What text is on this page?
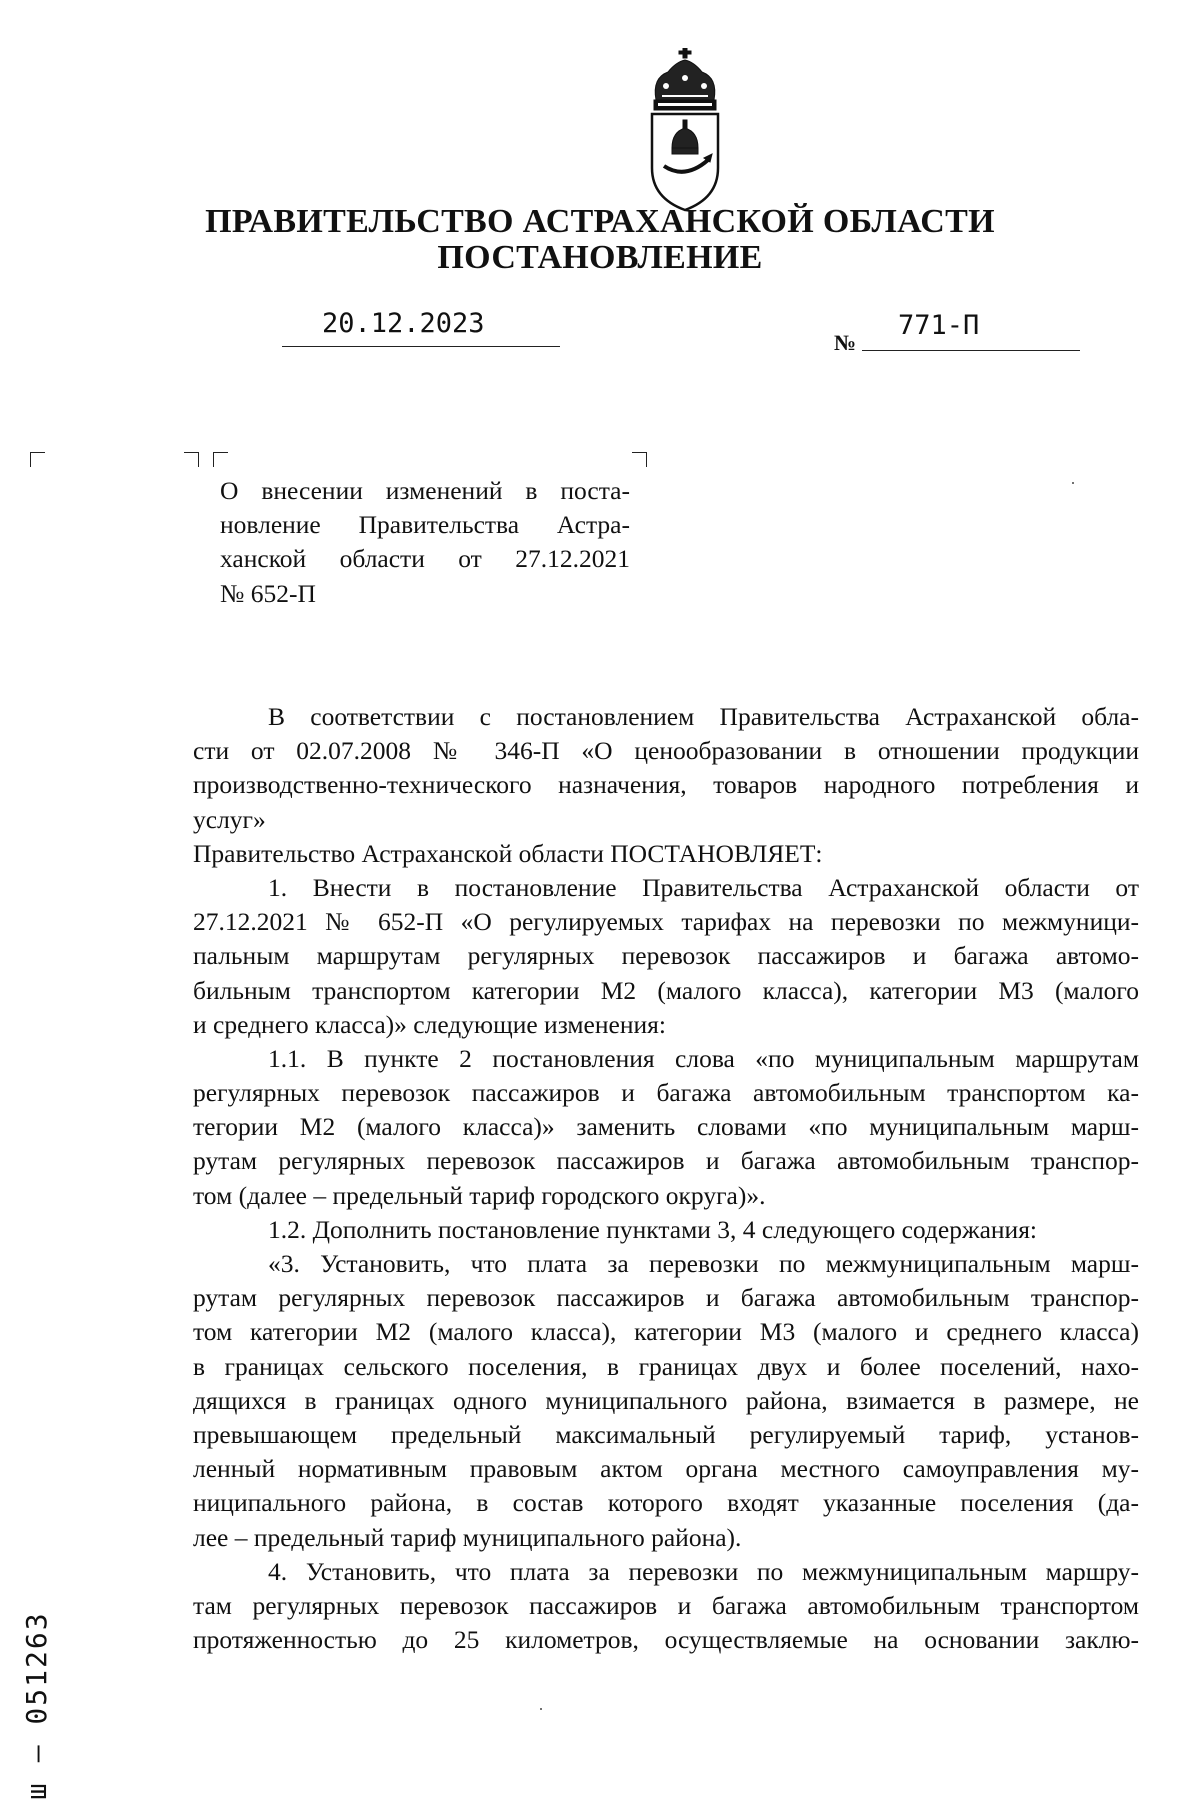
ПРАВИТЕЛЬСТВО АСТРАХАНСКОЙ ОБЛАСТИ
ПОСТАНОВЛЕНИЕ
20.12.2023
№
771-П
О внесении изменений в поста-
новление Правительства Астра-
ханской области от 27.12.2021
№ 652-П
В соответствии с постановлением Правительства Астраханской обла-
сти от 02.07.2008 № 346-П «О ценообразовании в отношении продукции
производственно-технического назначения, товаров народного потребления и
услуг»
Правительство Астраханской области ПОСТАНОВЛЯЕТ:
1. Внести в постановление Правительства Астраханской области от
27.12.2021 № 652-П «О регулируемых тарифах на перевозки по межмуници-
пальным маршрутам регулярных перевозок пассажиров и багажа автомо-
бильным транспортом категории М2 (малого класса), категории М3 (малого
и среднего класса)» следующие изменения:
1.1. В пункте 2 постановления слова «по муниципальным маршрутам
регулярных перевозок пассажиров и багажа автомобильным транспортом ка-
тегории М2 (малого класса)» заменить словами «по муниципальным марш-
рутам регулярных перевозок пассажиров и багажа автомобильным транспор-
том (далее – предельный тариф городского округа)».
1.2. Дополнить постановление пунктами 3, 4 следующего содержания:
«3. Установить, что плата за перевозки по межмуниципальным марш-
рутам регулярных перевозок пассажиров и багажа автомобильным транспор-
том категории М2 (малого класса), категории М3 (малого и среднего класса)
в границах сельского поселения, в границах двух и более поселений, нахо-
дящихся в границах одного муниципального района, взимается в размере, не
превышающем предельный максимальный регулируемый тариф, установ-
ленный нормативным правовым актом органа местного самоуправления му-
ниципального района, в состав которого входят указанные поселения (да-
лее – предельный тариф муниципального района).
4. Установить, что плата за перевозки по межмуниципальным маршру-
там регулярных перевозок пассажиров и багажа автомобильным транспортом
протяженностью до 25 километров, осуществляемые на основании заклю-
ш – 051263
